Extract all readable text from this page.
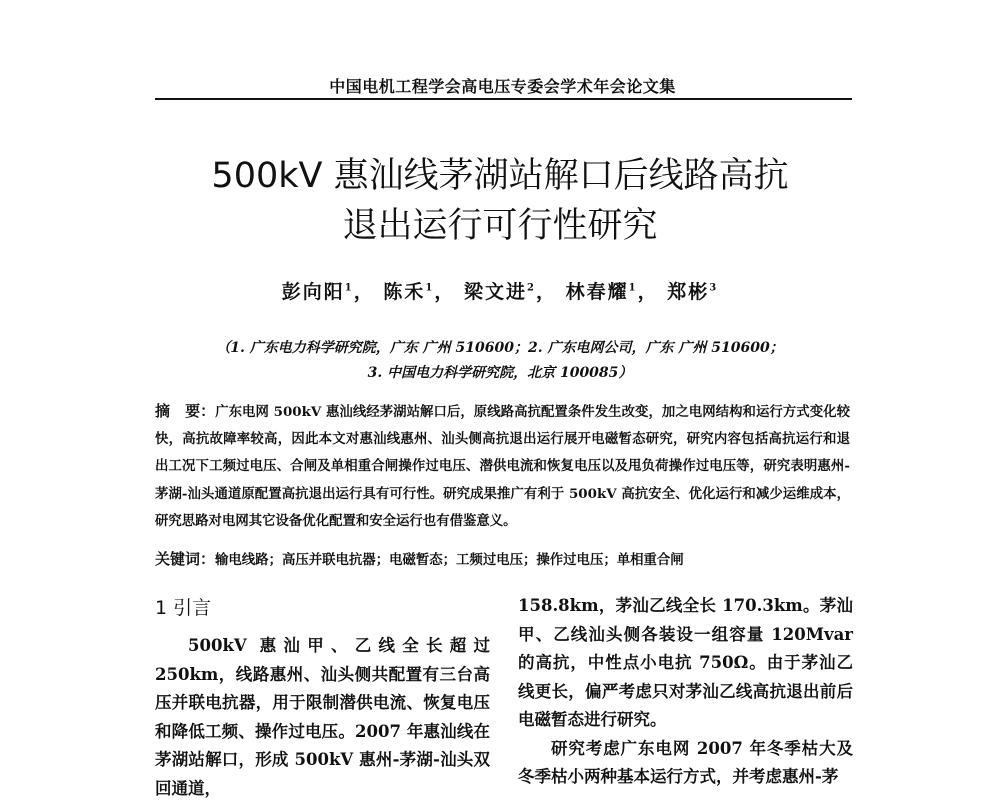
中国电机工程学会高电压专委会学术年会论文集
500kV 惠汕线茅湖站解口后线路高抗
退出运行可行性研究
彭向阳$^1$， 陈禾$^1$， 梁文进$^2$， 林春耀$^1$， 郑彬$^3$
（1. 广东电力科学研究院，广东 广州 510600；2. 广东电网公司，广东 广州 510600；
3. 中国电力科学研究院，北京 100085）
摘　要：广东电网 500kV 惠汕线经茅湖站解口后，原线路高抗配置条件发生改变，加之电网结构和运行方式变化较快，高抗故障率较高，因此本文对惠汕线惠州、汕头侧高抗退出运行展开电磁暂态研究，研究内容包括高抗运行和退出工况下工频过电压、合闸及单相重合闸操作过电压、潜供电流和恢复电压以及甩负荷操作过电压等，研究表明惠州-茅湖-汕头通道原配置高抗退出运行具有可行性。研究成果推广有利于 500kV 高抗安全、优化运行和减少运维成本，研究思路对电网其它设备优化配置和安全运行也有借鉴意义。
关键词：输电线路；高压并联电抗器；电磁暂态；工频过电压；操作过电压；单相重合闸
1 引言
500kV 惠汕甲、乙线全长超过 250km，线路惠州、汕头侧共配置有三台高压并联电抗器，用于限制潜供电流、恢复电压和降低工频、操作过电压。2007 年惠汕线在茅湖站解口，形成 500kV 惠州-茅湖-汕头双回通道，
158.8km，茅汕乙线全长 170.3km。茅汕甲、乙线汕头侧各装设一组容量 120Mvar 的高抗，中性点小电抗 750Ω。由于茅汕乙线更长，偏严考虑只对茅汕乙线高抗退出前后电磁暂态进行研究。
研究考虑广东电网 2007 年冬季枯大及冬季枯小两种基本运行方式，并考虑惠州-茅
